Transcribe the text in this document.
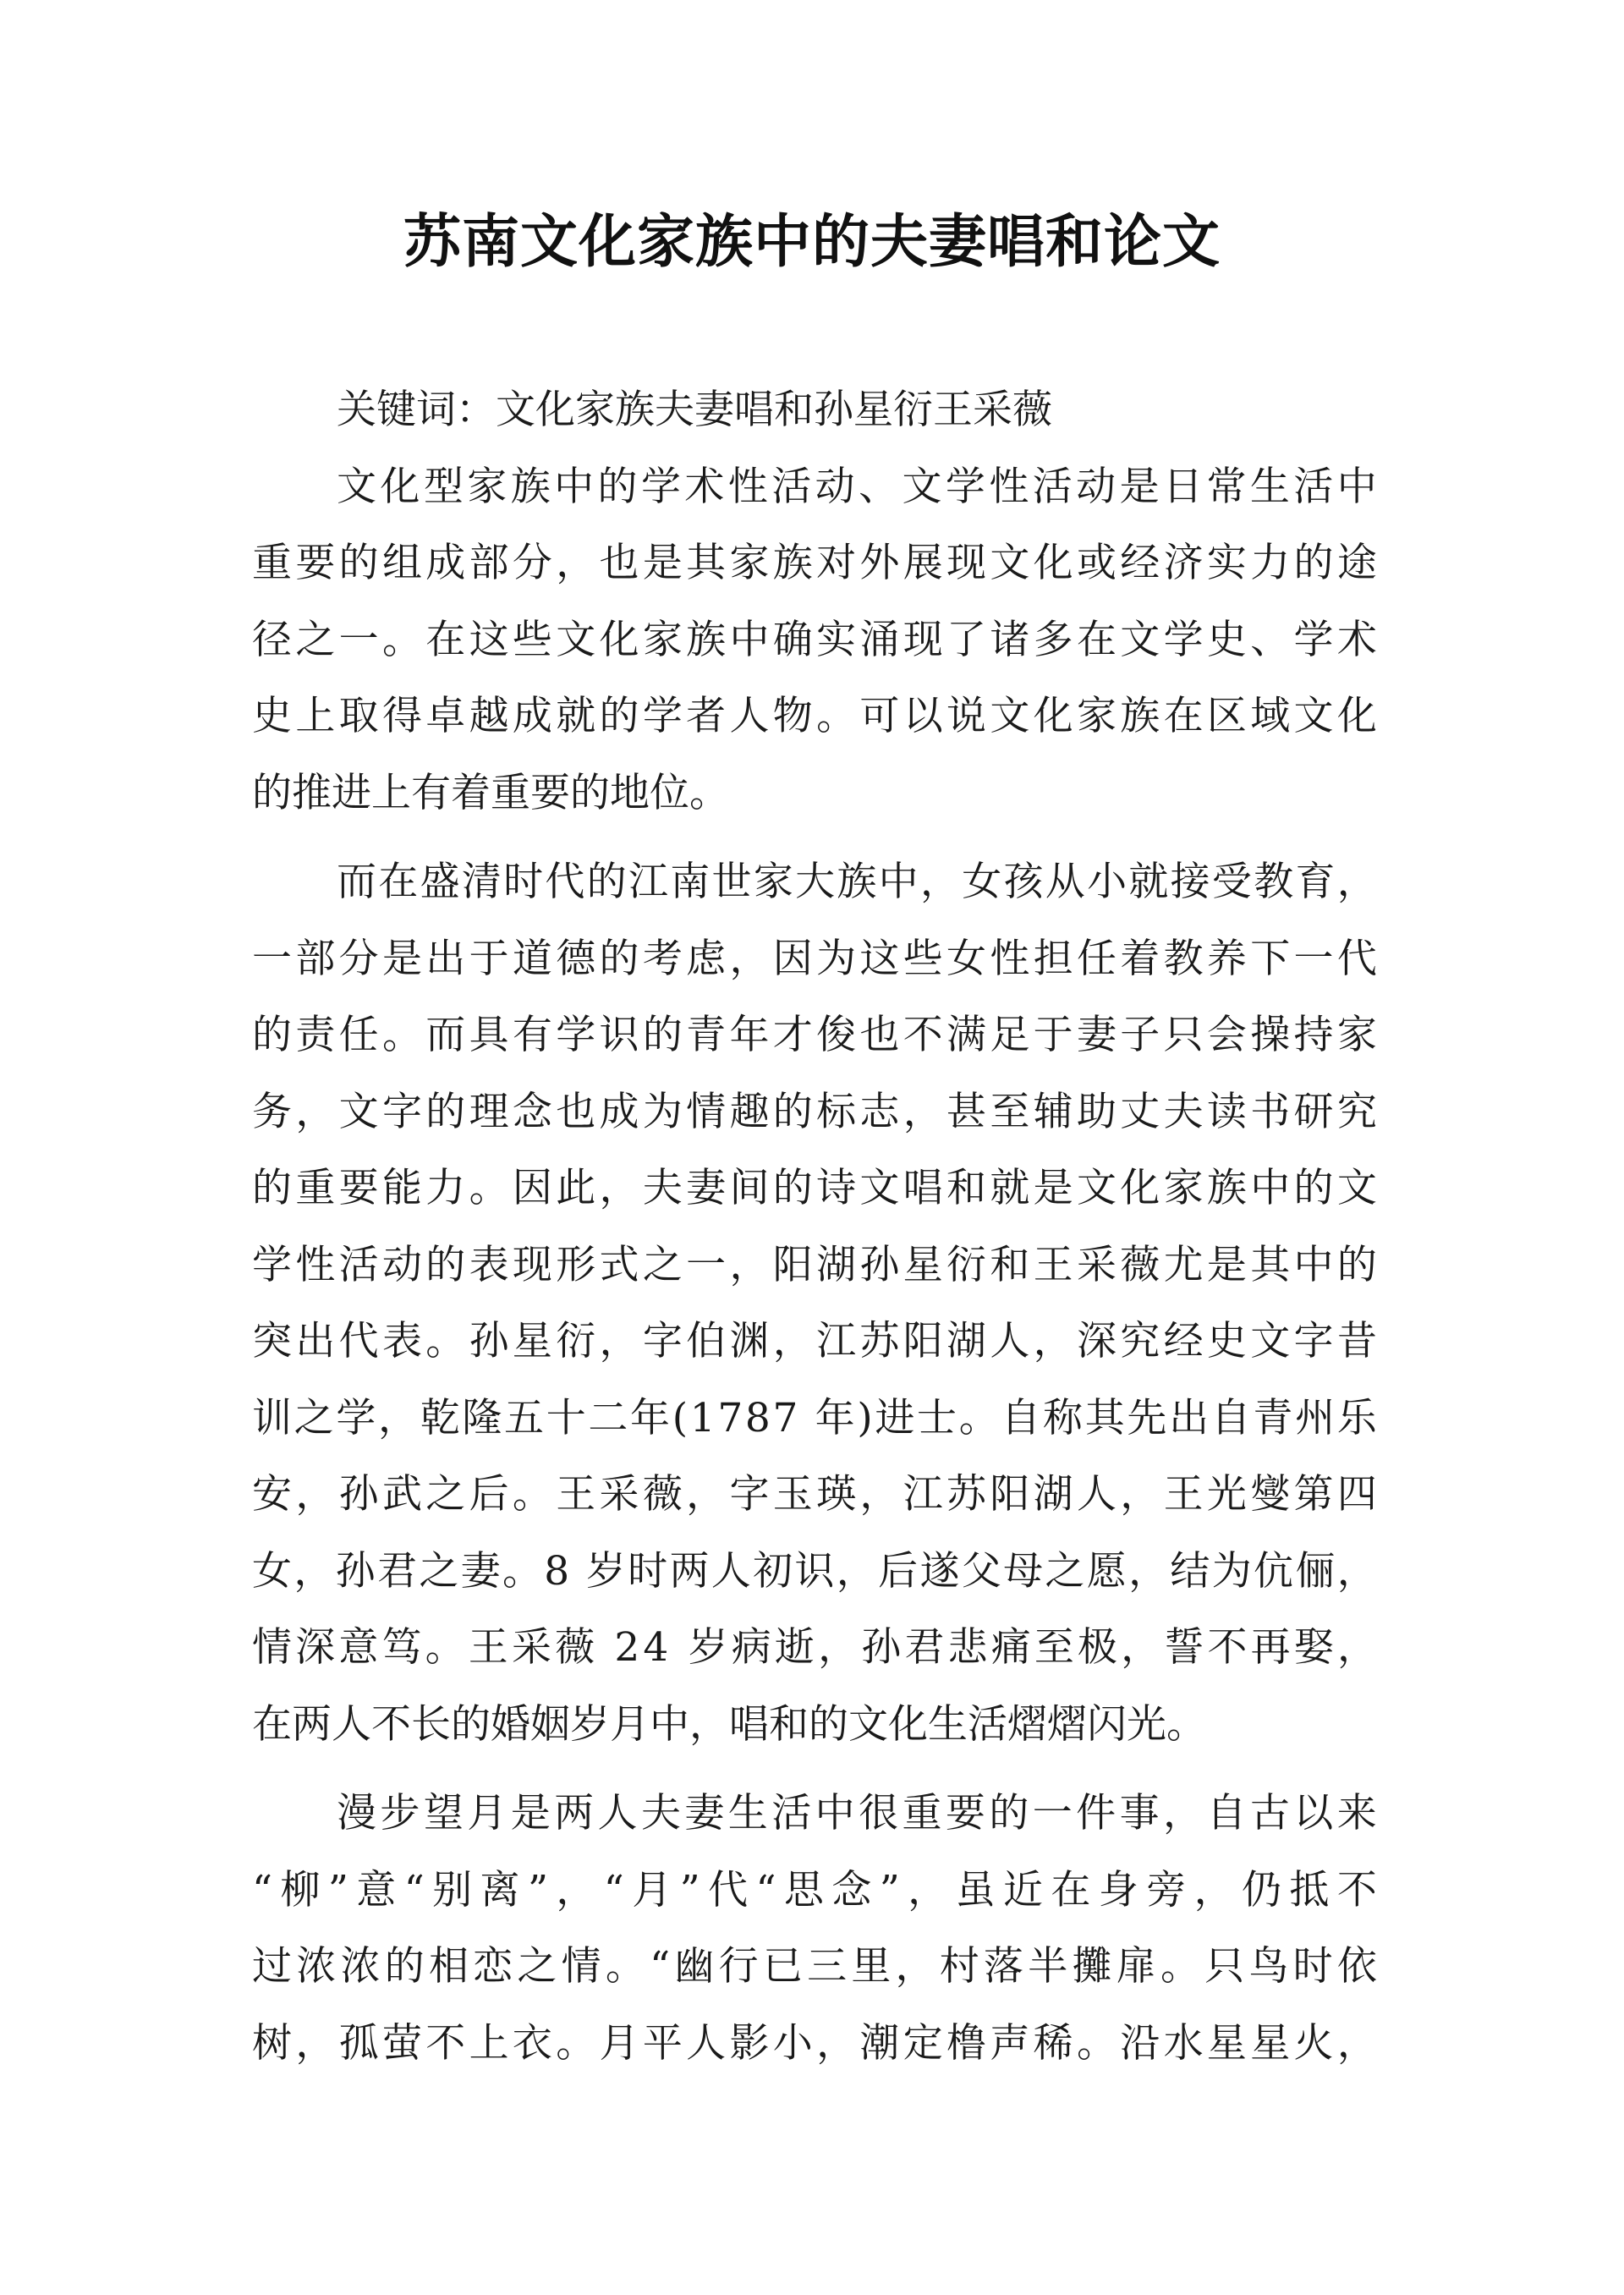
苏南文化家族中的夫妻唱和论文
关键词：文化家族夫妻唱和孙星衍王采薇
文 化 型 家 族 中 的 学 术 性 活 动 、 文 学 性 活 动 是 日 常 生 活 中
重 要 的 组 成 部 分 ， 也 是 其 家 族 对 外 展 现 文 化 或 经 济 实 力 的 途
径 之 一 。 在 这 些 文 化 家 族 中 确 实 涌 现 了 诸 多 在 文 学 史 、 学 术
史 上 取 得 卓 越 成 就 的 学 者 人 物 。 可 以 说 文 化 家 族 在 区 域 文 化
的推进上有着重要的地位。
而 在 盛 清 时 代 的 江 南 世 家 大 族 中 ， 女 孩 从 小 就 接 受 教 育 ，
一 部 分 是 出 于 道 德 的 考 虑 ， 因 为 这 些 女 性 担 任 着 教 养 下 一 代
的 责 任 。 而 具 有 学 识 的 青 年 才 俊 也 不 满 足 于 妻 子 只 会 操 持 家
务 ， 文 字 的 理 念 也 成 为 情 趣 的 标 志 ， 甚 至 辅 助 丈 夫 读 书 研 究
的 重 要 能 力 。 因 此 ， 夫 妻 间 的 诗 文 唱 和 就 是 文 化 家 族 中 的 文
学 性 活 动 的 表 现 形 式 之 一 ， 阳 湖 孙 星 衍 和 王 采 薇 尤 是 其 中 的
突 出 代 表 。 孙 星 衍 ， 字 伯 渊 ， 江 苏 阳 湖 人 ， 深 究 经 史 文 字 昔
训 之 学 ， 乾 隆 五 十 二 年 ( 1 7 8 7
年 ) 进 士 。 自 称 其 先 出 自 青 州 乐
安 ， 孙 武 之 后 。 王 采 薇 ， 字 玉 瑛 ， 江 苏 阳 湖 人 ， 王 光 燮 第 四
女 ， 孙 君 之 妻 。 8
岁 时 两 人 初 识 ， 后 遂 父 母 之 愿 ， 结 为 伉 俪 ，
情 深 意 笃 。 王 采 薇
2 4
岁 病 逝 ， 孙 君 悲 痛 至 极 ， 誓 不 再 娶 ，
在两人不长的婚姻岁月中，唱和的文化生活熠熠闪光。
漫 步 望 月 是 两 人 夫 妻 生 活 中 很 重 要 的 一 件 事 ， 自 古 以 来
“ 柳 ” 意 “ 别 离 ” ， “ 月 ” 代 “ 思 念 ” ， 虽 近 在 身 旁 ， 仍 抵 不
过 浓 浓 的 相 恋 之 情 。 “ 幽 行 已 三 里 ， 村 落 半 攤 扉 。 只 鸟 时 依
树 ， 孤 萤 不 上 衣 。 月 平 人 影 小 ， 潮 定 橹 声 稀 。 沿 水 星 星 火 ，
